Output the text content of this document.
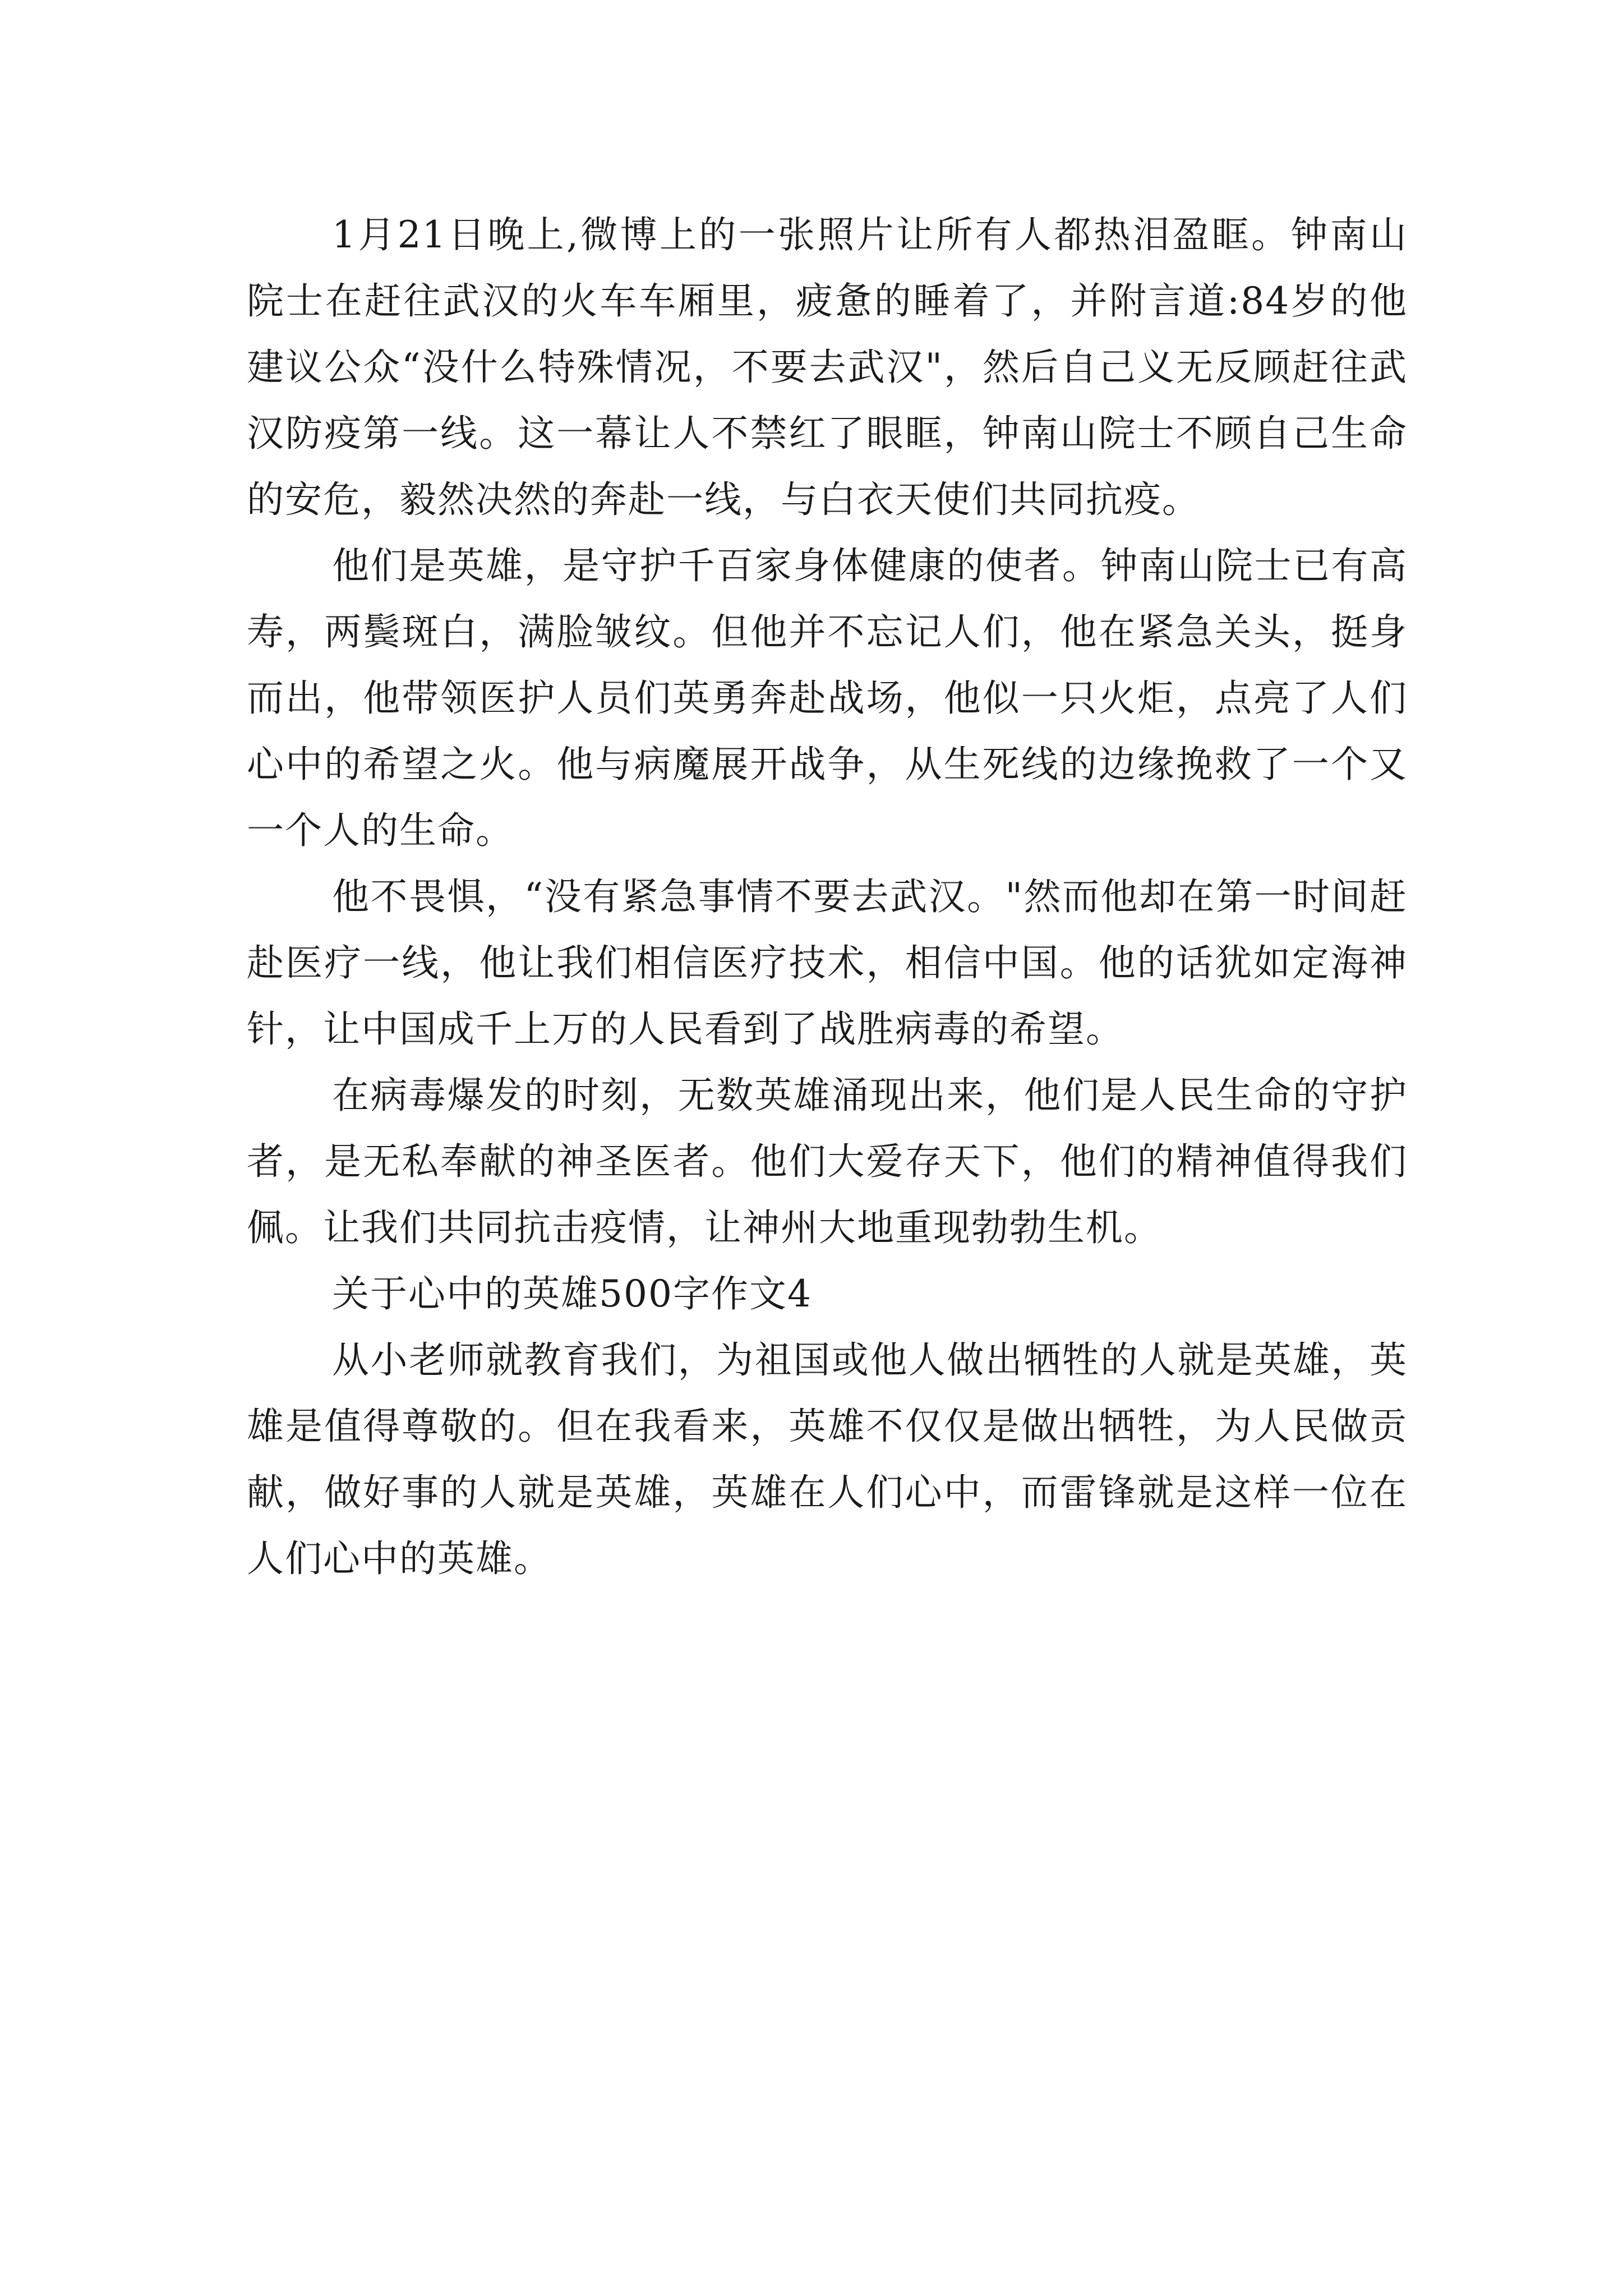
1月21日晚上,微博上的一张照片让所有人都热泪盈眶。钟南山院士在赶往武汉的火车车厢里，疲惫的睡着了，并附言道:84岁的他建议公众“没什么特殊情况，不要去武汉"，然后自己义无反顾赶往武汉防疫第一线。这一幕让人不禁红了眼眶，钟南山院士不顾自己生命的安危，毅然决然的奔赴一线，与白衣天使们共同抗疫。

他们是英雄，是守护千百家身体健康的使者。钟南山院士已有高寿，两鬓斑白，满脸皱纹。但他并不忘记人们，他在紧急关头，挺身而出，他带领医护人员们英勇奔赴战场，他似一只火炬，点亮了人们心中的希望之火。他与病魔展开战争，从生死线的边缘挽救了一个又一个人的生命。

他不畏惧，“没有紧急事情不要去武汉。"然而他却在第一时间赶赴医疗一线，他让我们相信医疗技术，相信中国。他的话犹如定海神针，让中国成千上万的人民看到了战胜病毒的希望。

在病毒爆发的时刻，无数英雄涌现出来，他们是人民生命的守护者，是无私奉献的神圣医者。他们大爱存天下，他们的精神值得我们佩。让我们共同抗击疫情，让神州大地重现勃勃生机。

关于心中的英雄500字作文4

从小老师就教育我们，为祖国或他人做出牺牲的人就是英雄，英雄是值得尊敬的。但在我看来，英雄不仅仅是做出牺牲，为人民做贡献，做好事的人就是英雄，英雄在人们心中，而雷锋就是这样一位在人们心中的英雄。
